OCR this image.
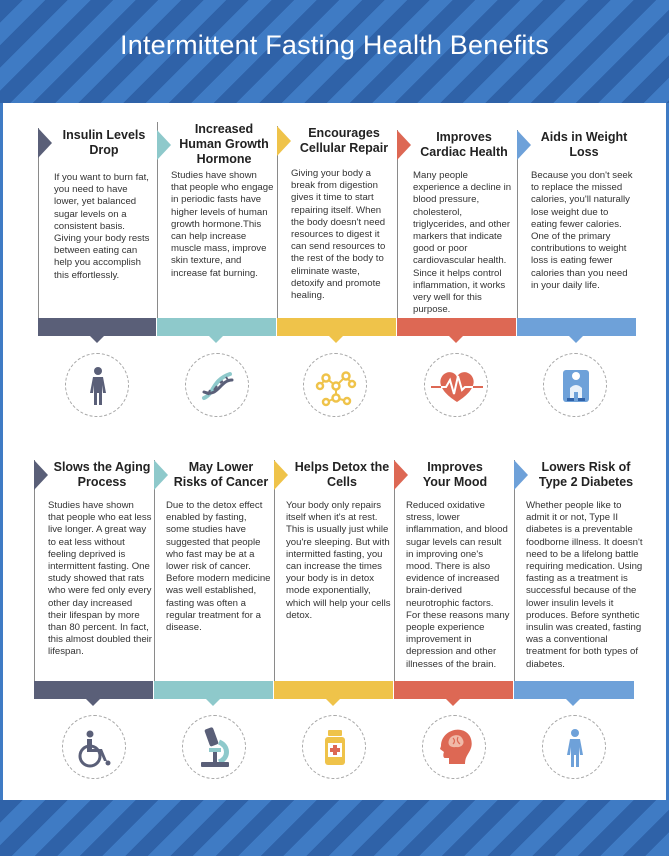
Intermittent Fasting Health Benefits
Insulin Levels Drop
If you want to burn fat, you need to have lower, yet balanced sugar levels on a consistent basis. Giving your body rests between eating can help you accomplish this effortlessly.
Increased Human Growth Hormone
Studies have shown that people who engage in periodic fasts have higher levels of human growth hormone.This can help increase muscle mass, improve skin texture, and increase fat burning.
Encourages Cellular Repair
Giving your body a break from digestion gives it time to start repairing itself. When the body doesn't need resources to digest it can send resources to the rest of the body to eliminate waste, detoxify and promote healing.
Improves Cardiac Health
Many people experience a decline in blood pressure, cholesterol, triglycerides, and other markers that indicate good or poor cardiovascular health. Since it helps control inflammation, it works very well for this purpose.
Aids in Weight Loss
Because you don't seek to replace the missed calories, you'll naturally lose weight due to eating fewer calories. One of the primary contributions to weight loss is eating fewer calories than you need in your daily life.
Slows the Aging Process
Studies have shown that people who eat less live longer. A great way to eat less without feeling deprived is intermittent fasting. One study showed that rats who were fed only every other day increased their lifespan by more than 80 percent. In fact, this almost doubled their lifespan.
May Lower Risks of Cancer
Due to the detox effect enabled by fasting, some studies have suggested that people who fast may be at a lower risk of cancer. Before modern medicine was well established, fasting was often a regular treatment for a disease.
Helps Detox the Cells
Your body only repairs itself when it's at rest. This is usually just while you're sleeping. But with intermitted fasting, you can increase the times your body is in detox mode exponentially, which will help your cells detox.
Improves Your Mood
Reduced oxidative stress, lower inflammation, and blood sugar levels can result in improving one's mood. There is also evidence of increased brain-derived neurotrophic factors. For these reasons many people experience improvement in depression and other illnesses of the brain.
Lowers Risk of Type 2 Diabetes
Whether people like to admit it or not, Type II diabetes is a preventable foodborne illness. It doesn't need to be a lifelong battle requiring medication. Using fasting as a treatment is successful because of the lower insulin levels it produces. Before synthetic insulin was created, fasting was a conventional treatment for both types of diabetes.
